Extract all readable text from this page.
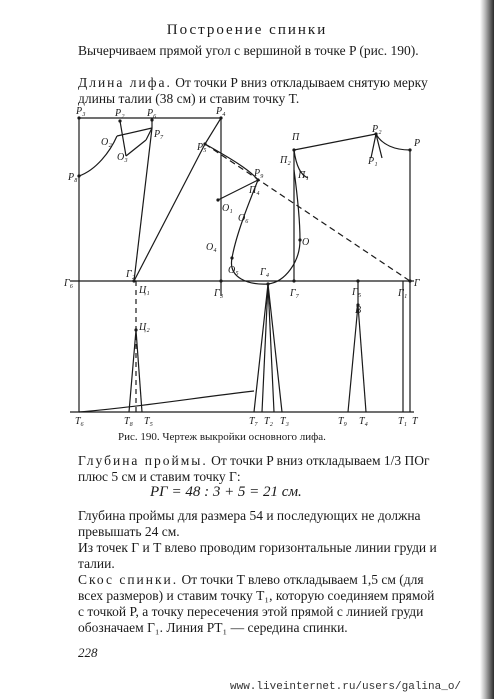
Построение спинки
Вычерчиваем прямой угол с вершиной в точке P (рис. 190).
Длина лифа. От точки P вниз откладываем снятую мерку длины талии (38 см) и ставим точку T.
P₃	P₂ P₆
P₇
P₄
O₂
O₃
P₈
P₅
P₉
П₄
O₁
O₆
O₄
O₅ Г₄
O
Г₆
Г₂
Ц₁
Ц₂
Г₃	Г₇	Г₅
B
Г₁
Г
П
П₂
П₁
P₂
P₁
P
T₆	T₈ T₅	T₇ T₂ T₃	T₉ T₄	T₁ T
Рис. 190. Чертеж выкройки основного лифа.
Глубина проймы. От точки P вниз откладываем 1/3 ПОг плюс 5 см и ставим точку Г:
PГ = 48 : 3 + 5 = 21 см.
Глубина проймы для размера 54 и последующих не должна превышать 24 см.
Из точек Г и T влево проводим горизонтальные линии груди и талии.
Скос спинки. От точки T влево откладываем 1,5 см (для всех размеров) и ставим точку T₁, которую соединяем прямой с точкой P, а точку пересечения этой прямой с линией груди обозначаем Г₁. Линия PT₁ — середина спинки.
228
www.liveinternet.ru/users/galina_o/
